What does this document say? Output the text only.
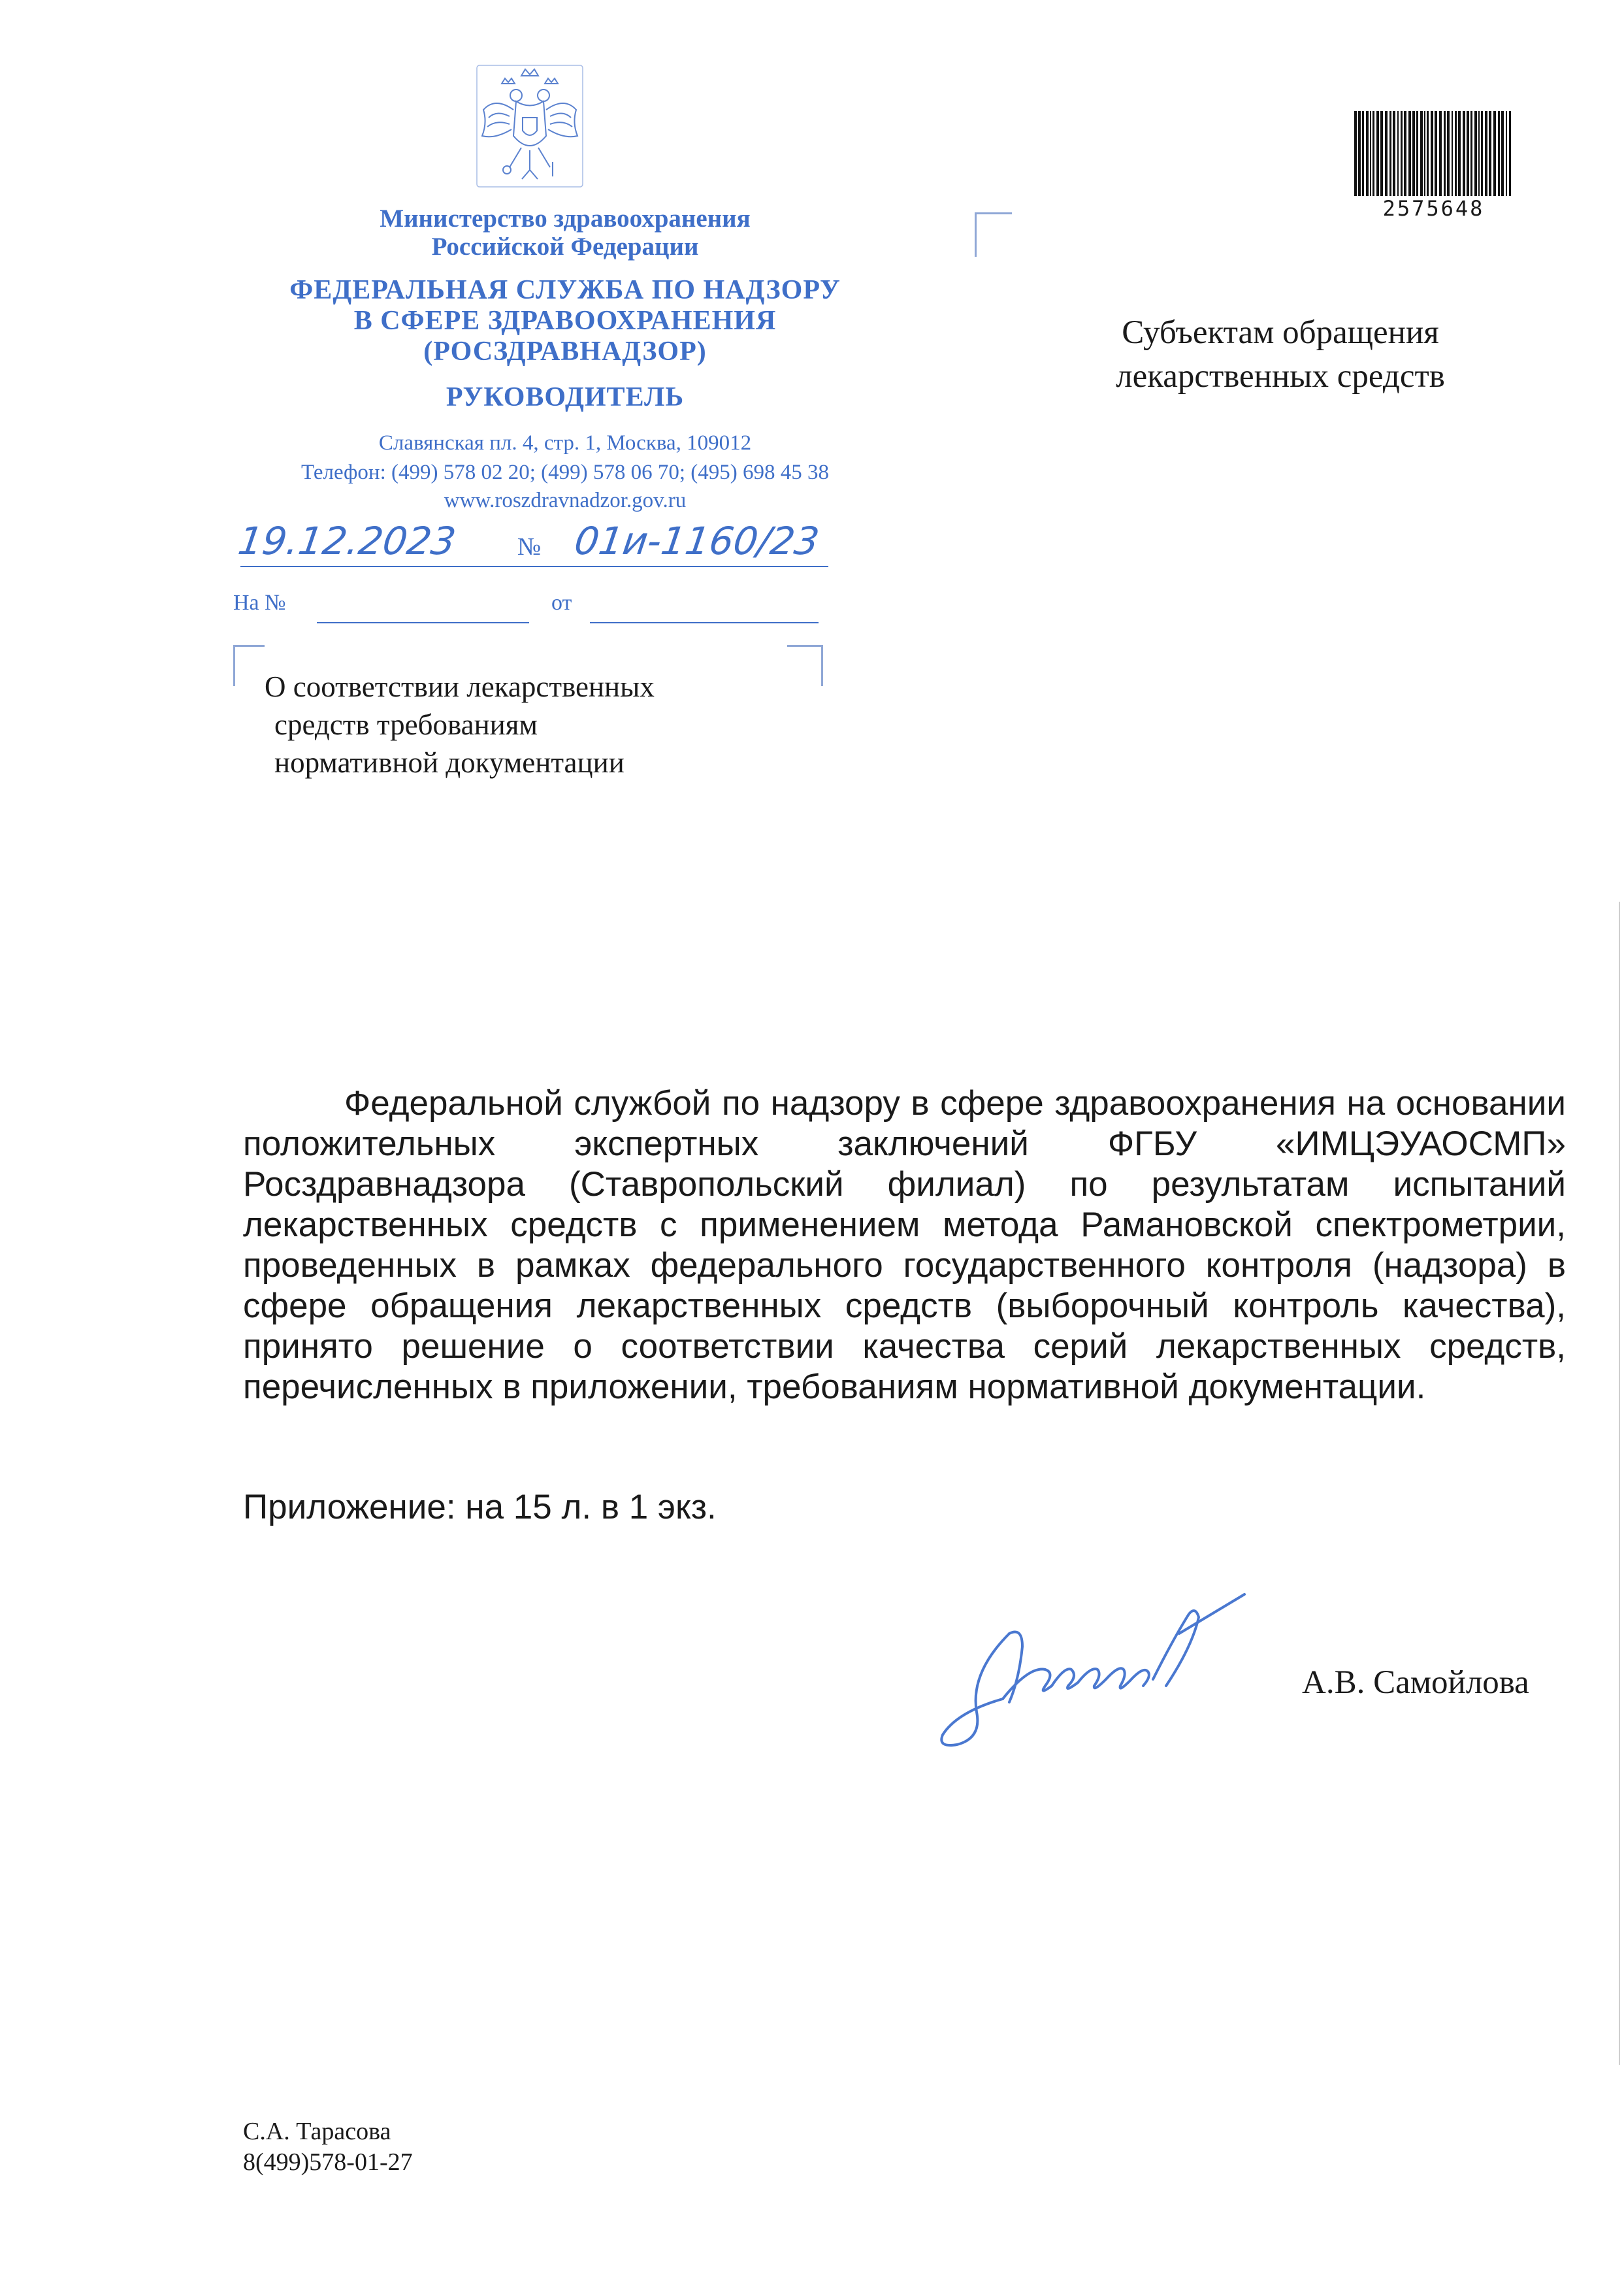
Министерство здравоохранения
Российской Федерации
ФЕДЕРАЛЬНАЯ СЛУЖБА ПО НАДЗОРУ
В СФЕРЕ ЗДРАВООХРАНЕНИЯ
(РОСЗДРАВНАДЗОР)
РУКОВОДИТЕЛЬ
Славянская пл. 4, стр. 1, Москва, 109012
Телефон: (499) 578 02 20; (499) 578 06 70; (495) 698 45 38
www.roszdravnadzor.gov.ru
19.12.2023 № 01и-1160/23
На №	от
2575648
Субъектам обращения
лекарственных средств
О соответствии лекарственных
средств требованиям
нормативной документации

Федеральной службой по надзору в сфере здравоохранения на основании положительных экспертных заключений ФГБУ «ИМЦЭУАОСМП» Росздравнадзора (Ставропольский филиал) по результатам испытаний лекарственных средств с применением метода Рамановской спектрометрии, проведенных в рамках федерального государственного контроля (надзора) в сфере обращения лекарственных средств (выборочный контроль качества), принято решение о соответствии качества серий лекарственных средств, перечисленных в приложении, требованиям нормативной документации.

Приложение: на 15 л. в 1 экз.
А.В. Самойлова
С.А. Тарасова
8(499)578-01-27
